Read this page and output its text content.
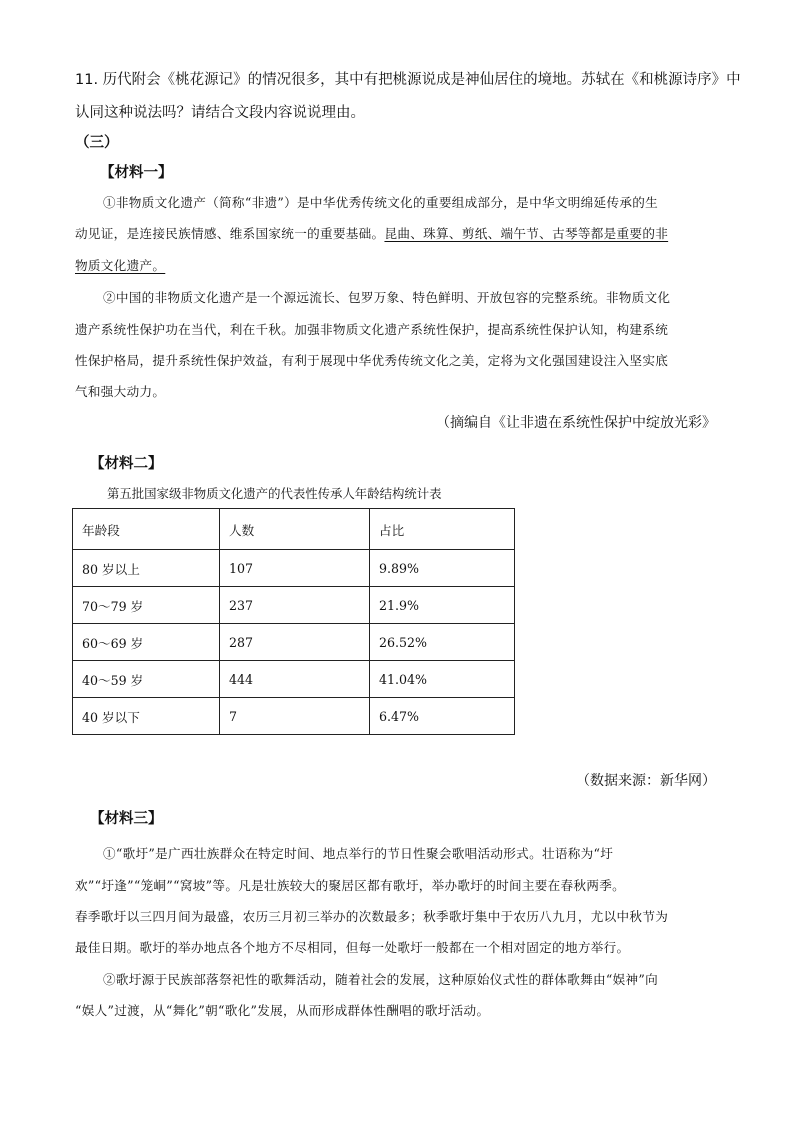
11. 历代附会《桃花源记》的情况很多，其中有把桃源说成是神仙居住的境地。苏轼在《和桃源诗序》中
认同这种说法吗？请结合文段内容说说理由。
（三）
【材料一】
①非物质文化遗产（简称“非遗”）是中华优秀传统文化的重要组成部分，是中华文明绵延传承的生
动见证，是连接民族情感、维系国家统一的重要基础。昆曲、珠算、剪纸、端午节、古琴等都是重要的非
物质文化遗产。
②中国的非物质文化遗产是一个源远流长、包罗万象、特色鲜明、开放包容的完整系统。非物质文化
遗产系统性保护功在当代，利在千秋。加强非物质文化遗产系统性保护，提高系统性保护认知，构建系统
性保护格局，提升系统性保护效益，有利于展现中华优秀传统文化之美，定将为文化强国建设注入坚实底
气和强大动力。
（摘编自《让非遗在系统性保护中绽放光彩》
【材料二】
第五批国家级非物质文化遗产的代表性传承人年龄结构统计表
年龄段	人数	占比
80 岁以上	107	9.89%
70～79 岁	237	21.9%
60～69 岁	287	26.52%
40～59 岁	444	41.04%
40 岁以下	7	6.47%
（数据来源：新华网）
【材料三】
①“歌圩”是广西壮族群众在特定时间、地点举行的节日性聚会歌唱活动形式。壮语称为“圩
欢”“圩逢”“笼峒”“窝坡”等。凡是壮族较大的聚居区都有歌圩，举办歌圩的时间主要在春秋两季。
春季歌圩以三四月间为最盛，农历三月初三举办的次数最多；秋季歌圩集中于农历八九月，尤以中秋节为
最佳日期。歌圩的举办地点各个地方不尽相同，但每一处歌圩一般都在一个相对固定的地方举行。
②歌圩源于民族部落祭祀性的歌舞活动，随着社会的发展，这种原始仪式性的群体歌舞由“娱神”向
“娱人”过渡，从“舞化”朝“歌化”发展，从而形成群体性酬唱的歌圩活动。
